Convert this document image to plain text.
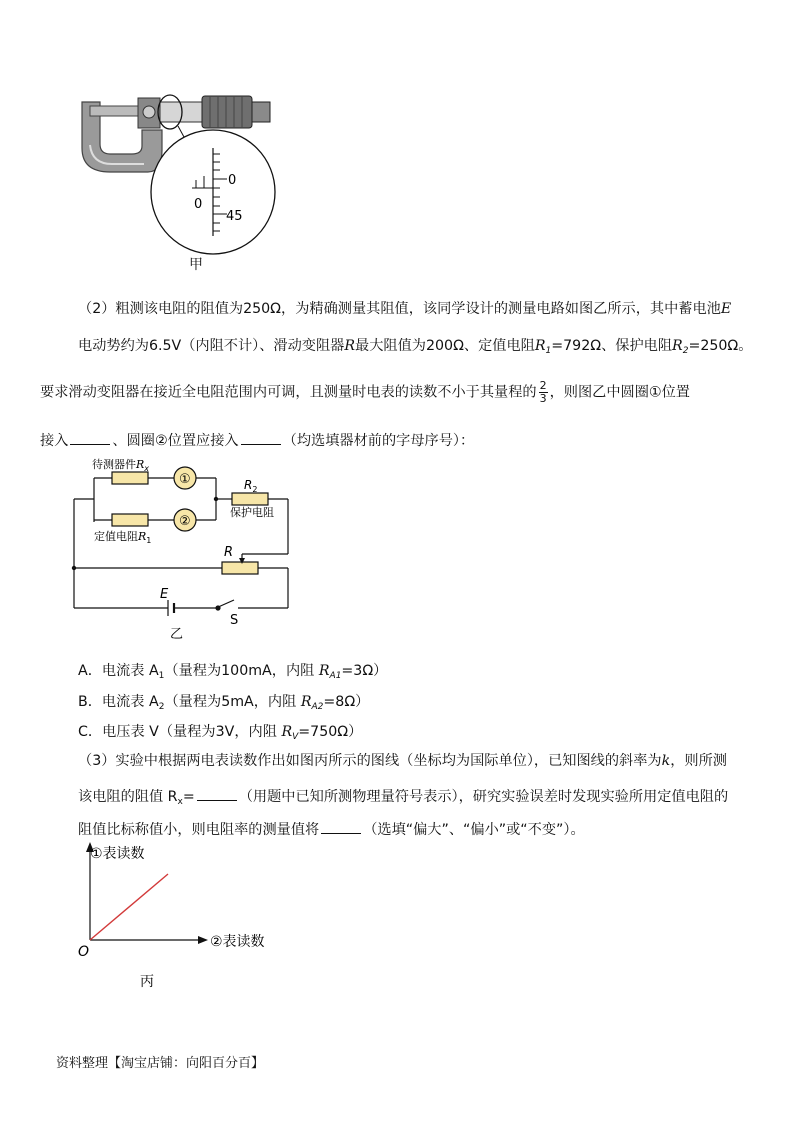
0
0
45
甲
（2）粗测该电阻的阻值为250Ω，为精确测量其阻值，该同学设计的测量电路如图乙所示，其中蓄电池E
电动势约为6.5V（内阻不计）、滑动变阻器R最大阻值为200Ω、定值电阻$R_1=792\Omega$、保护电阻$R_2=250\Omega$。
要求滑动变阻器在接近全电阻范围内可调，且测量时电表的读数不小于其量程的 $\frac{2}{3}$ ，则图乙中圆圈①位置
接入	、圆圈②位置应接入	（均选填器材前的字母序号）：
待测器件$R_x$
①
②
定值电阻$R_1$
$R_2$
保护电阻
R
E
S
乙
A．电流表 $A_1$（量程为100mA，内阻 $R_{A1}=3\Omega$）
B．电流表 $A_2$（量程为5mA，内阻 $R_{A2}=8\Omega$）
C．电压表 V（量程为3V，内阻 $R_V=750\Omega$）
（3）实验中根据两电表读数作出如图丙所示的图线（坐标均为国际单位），已知图线的斜率为k，则所测
该电阻的阻值 $R_x=$	（用题中已知所测物理量符号表示），研究实验误差时发现实验所用定值电阻的
阻值比标称值小，则电阻率的测量值将	（选填“偏大”、“偏小”或“不变”）。
①表读数
②表读数
O
丙
资料整理【淘宝店铺：向阳百分百】
